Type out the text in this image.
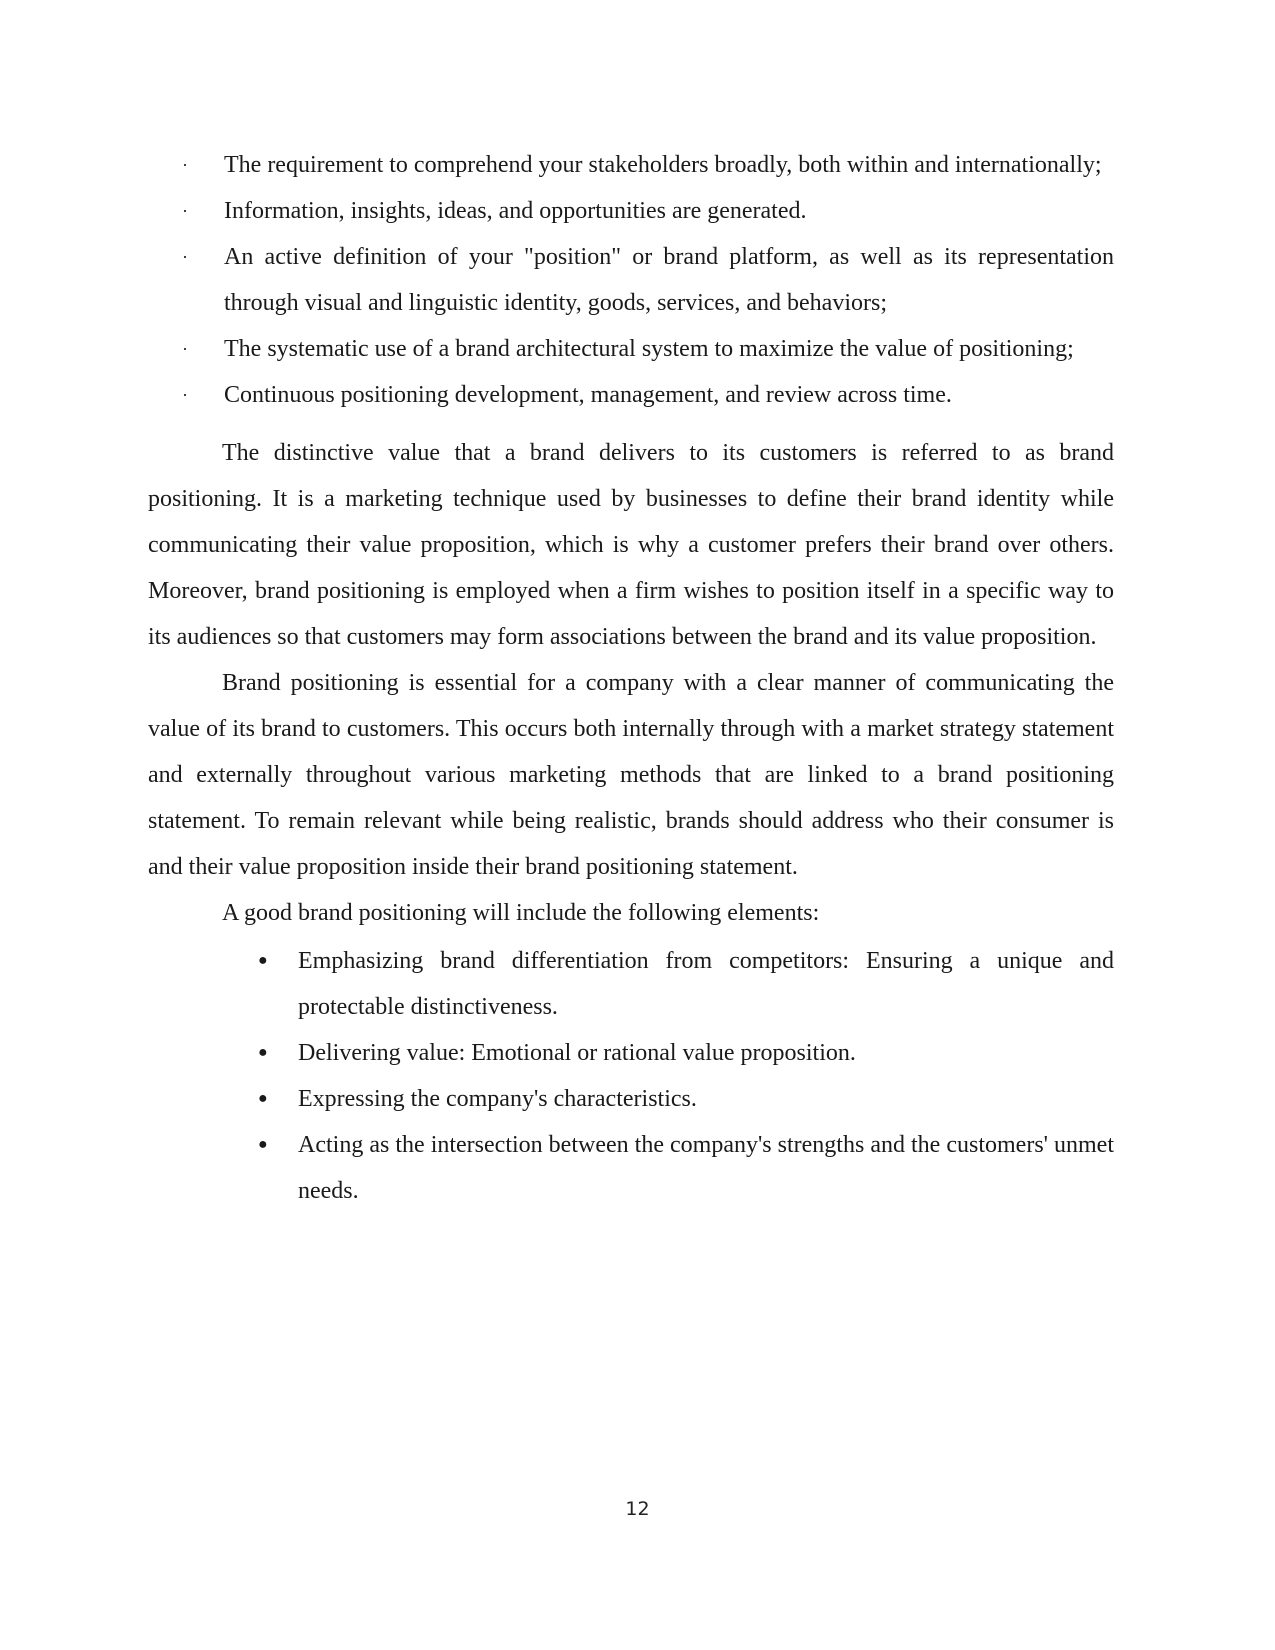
· The requirement to comprehend your stakeholders broadly, both within and internationally;
· Information, insights, ideas, and opportunities are generated.
· An active definition of your "position" or brand platform, as well as its representation through visual and linguistic identity, goods, services, and behaviors;
· The systematic use of a brand architectural system to maximize the value of positioning;
· Continuous positioning development, management, and review across time.

The distinctive value that a brand delivers to its customers is referred to as brand positioning. It is a marketing technique used by businesses to define their brand identity while communicating their value proposition, which is why a customer prefers their brand over others. Moreover, brand positioning is employed when a firm wishes to position itself in a specific way to its audiences so that customers may form associations between the brand and its value proposition.

Brand positioning is essential for a company with a clear manner of communicating the value of its brand to customers. This occurs both internally through with a market strategy statement and externally throughout various marketing methods that are linked to a brand positioning statement. To remain relevant while being realistic, brands should address who their consumer is and their value proposition inside their brand positioning statement.

A good brand positioning will include the following elements:

● Emphasizing brand differentiation from competitors: Ensuring a unique and protectable distinctiveness.
● Delivering value: Emotional or rational value proposition.
● Expressing the company's characteristics.
● Acting as the intersection between the company's strengths and the customers' unmet needs.
12
